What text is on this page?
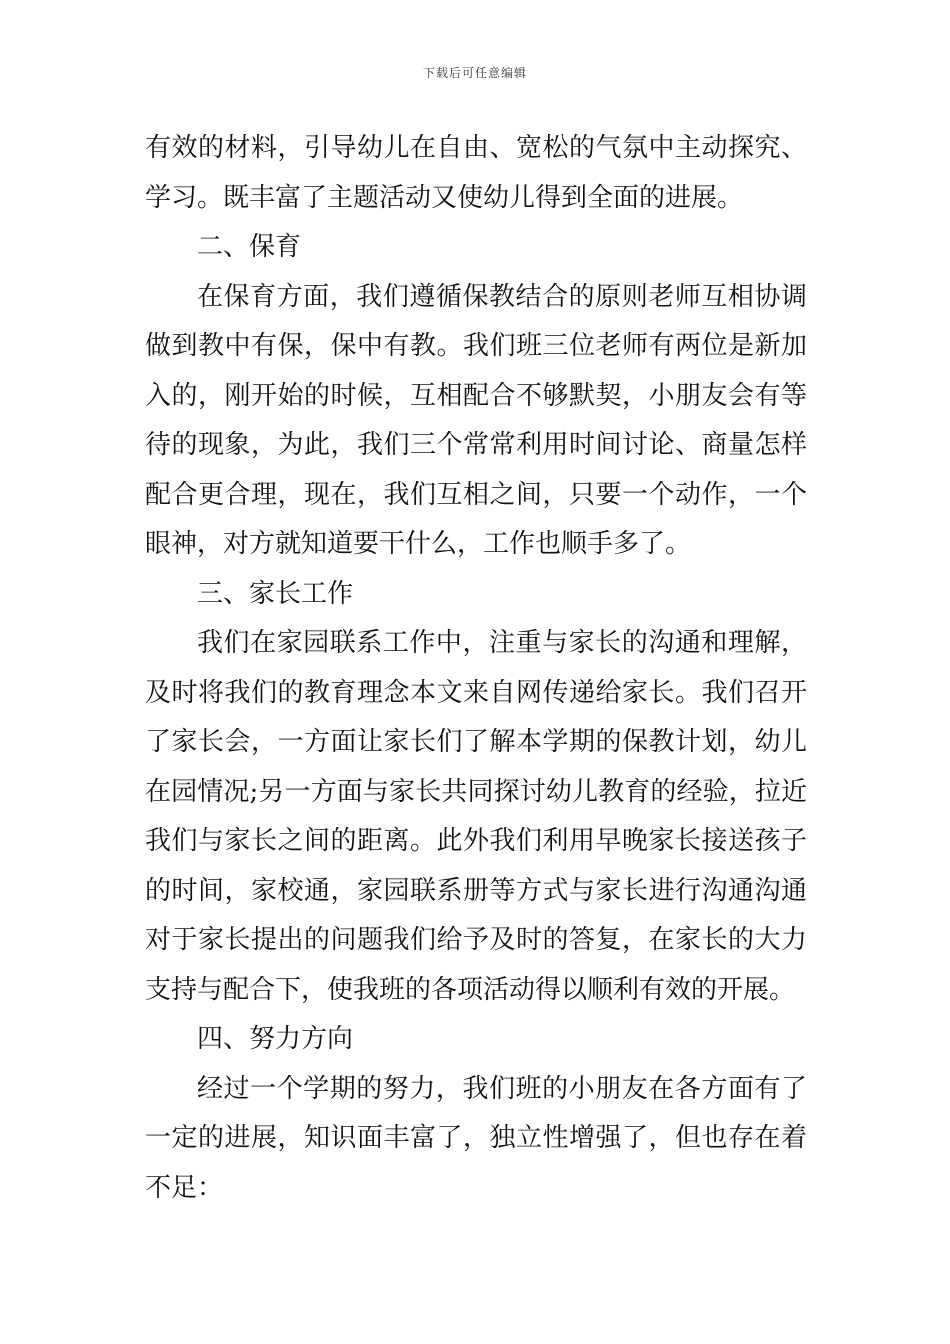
下载后可任意编辑

有效的材料，引导幼儿在自由、宽松的气氛中主动探究、学习。既丰富了主题活动又使幼儿得到全面的进展。

二、保育

在保育方面，我们遵循保教结合的原则老师互相协调做到教中有保，保中有教。我们班三位老师有两位是新加入的，刚开始的时候，互相配合不够默契，小朋友会有等待的现象，为此，我们三个常常利用时间讨论、商量怎样配合更合理，现在，我们互相之间，只要一个动作，一个眼神，对方就知道要干什么，工作也顺手多了。

三、家长工作

我们在家园联系工作中，注重与家长的沟通和理解，及时将我们的教育理念本文来自网传递给家长。我们召开了家长会，一方面让家长们了解本学期的保教计划，幼儿在园情况;另一方面与家长共同探讨幼儿教育的经验，拉近我们与家长之间的距离。此外我们利用早晚家长接送孩子的时间，家校通，家园联系册等方式与家长进行沟通沟通对于家长提出的问题我们给予及时的答复，在家长的大力支持与配合下，使我班的各项活动得以顺利有效的开展。

四、努力方向

经过一个学期的努力，我们班的小朋友在各方面有了一定的进展，知识面丰富了，独立性增强了，但也存在着不足：
